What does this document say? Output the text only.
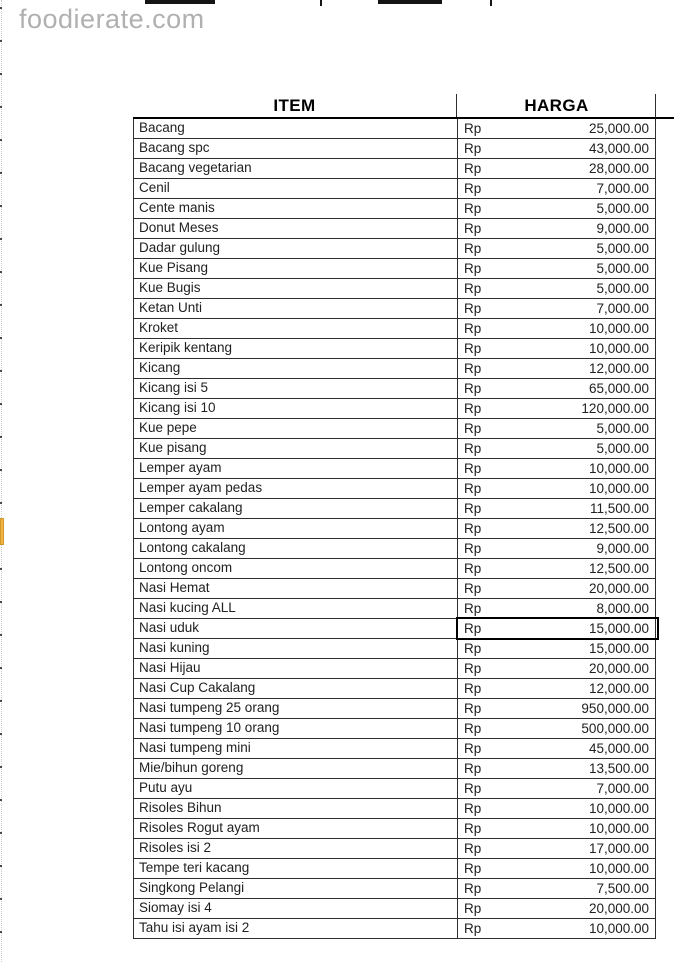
foodierate.com
ITEM	HARGA
Bacang	Rp	25,000.00
Bacang spc	Rp	43,000.00
Bacang vegetarian	Rp	28,000.00
Cenil	Rp	7,000.00
Cente manis	Rp	5,000.00
Donut Meses	Rp	9,000.00
Dadar gulung	Rp	5,000.00
Kue Pisang	Rp	5,000.00
Kue Bugis	Rp	5,000.00
Ketan Unti	Rp	7,000.00
Kroket	Rp	10,000.00
Keripik kentang	Rp	10,000.00
Kicang	Rp	12,000.00
Kicang isi 5	Rp	65,000.00
Kicang isi 10	Rp	120,000.00
Kue pepe	Rp	5,000.00
Kue pisang	Rp	5,000.00
Lemper ayam	Rp	10,000.00
Lemper ayam pedas	Rp	10,000.00
Lemper cakalang	Rp	11,500.00
Lontong ayam	Rp	12,500.00
Lontong cakalang	Rp	9,000.00
Lontong oncom	Rp	12,500.00
Nasi Hemat	Rp	20,000.00
Nasi kucing ALL	Rp	8,000.00
Nasi uduk	Rp	15,000.00
Nasi kuning	Rp	15,000.00
Nasi Hijau	Rp	20,000.00
Nasi Cup Cakalang	Rp	12,000.00
Nasi tumpeng 25 orang	Rp	950,000.00
Nasi tumpeng 10 orang	Rp	500,000.00
Nasi tumpeng mini	Rp	45,000.00
Mie/bihun goreng	Rp	13,500.00
Putu ayu	Rp	7,000.00
Risoles Bihun	Rp	10,000.00
Risoles Rogut ayam	Rp	10,000.00
Risoles isi 2	Rp	17,000.00
Tempe teri kacang	Rp	10,000.00
Singkong Pelangi	Rp	7,500.00
Siomay isi 4	Rp	20,000.00
Tahu isi ayam isi 2	Rp	10,000.00
